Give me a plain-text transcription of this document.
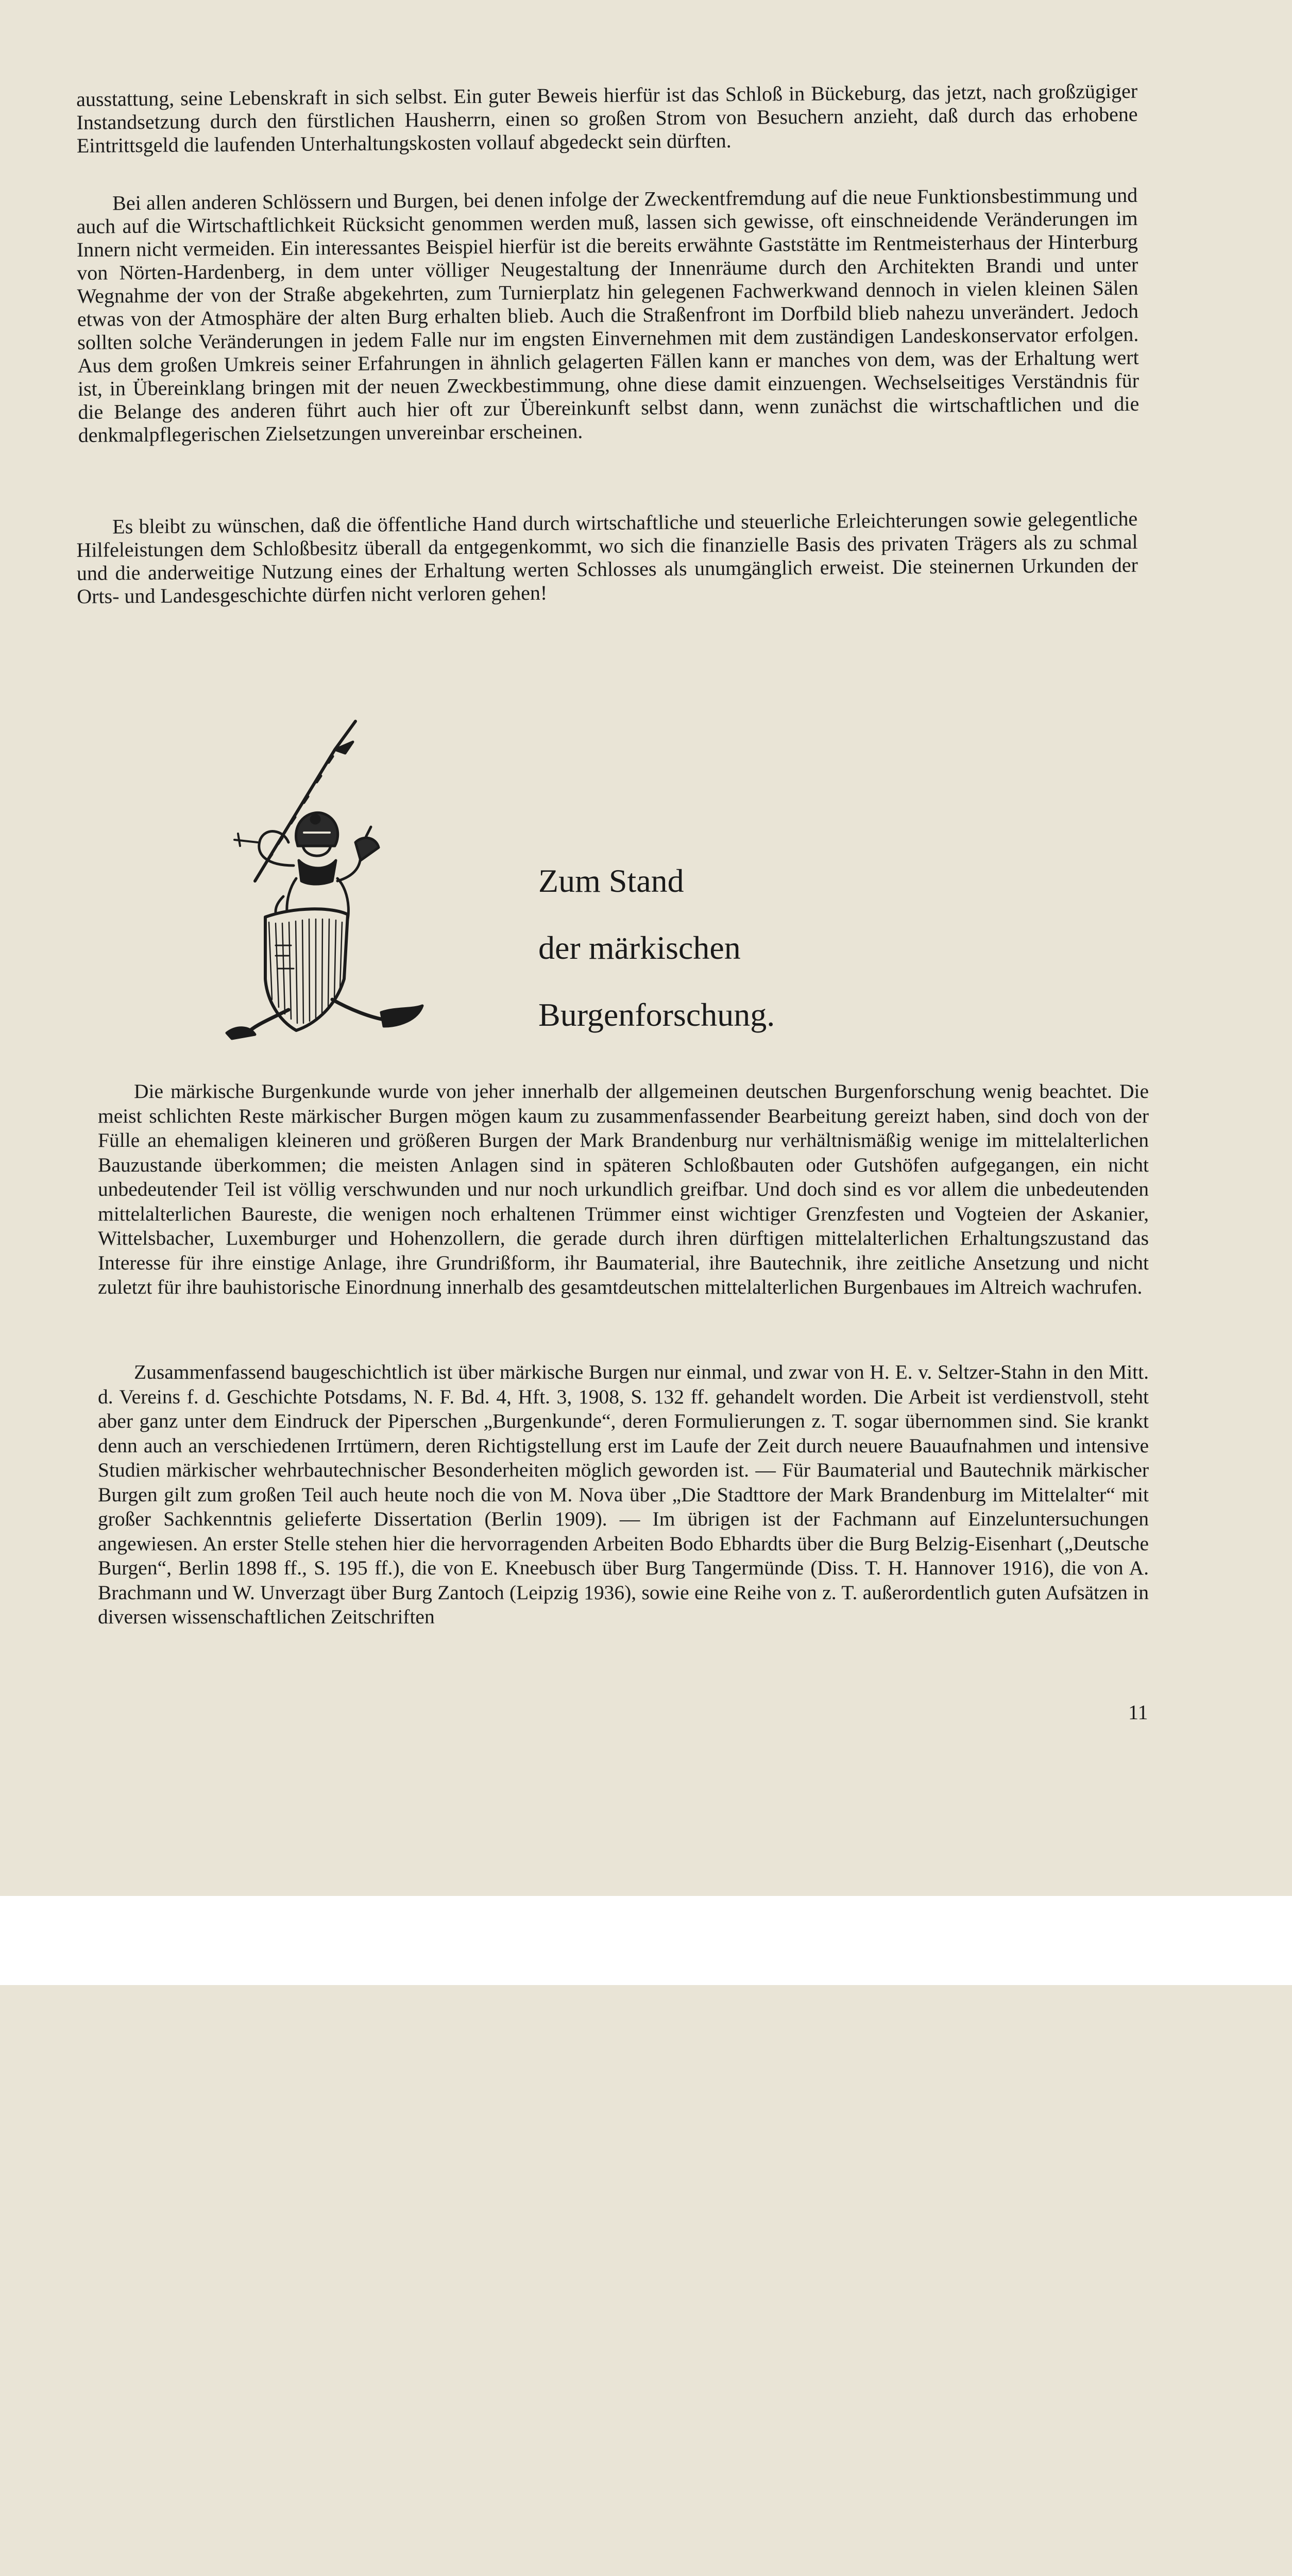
ausstattung, seine Lebenskraft in sich selbst. Ein guter Beweis hierfür ist das Schloß in Bückeburg, das jetzt, nach großzügiger Instandsetzung durch den fürstlichen Hausherrn, einen so großen Strom von Besuchern anzieht, daß durch das erhobene Eintrittsgeld die laufenden Unterhaltungskosten vollauf abgedeckt sein dürften.

Bei allen anderen Schlössern und Burgen, bei denen infolge der Zweckentfremdung auf die neue Funktionsbestimmung und auch auf die Wirtschaftlichkeit Rücksicht genommen werden muß, lassen sich gewisse, oft einschneidende Veränderungen im Innern nicht vermeiden. Ein interessantes Beispiel hierfür ist die bereits erwähnte Gaststätte im Rentmeisterhaus der Hinterburg von Nörten-Hardenberg, in dem unter völliger Neugestaltung der Innenräume durch den Architekten Brandi und unter Wegnahme der von der Straße abgekehrten, zum Turnierplatz hin gelegenen Fachwerkwand dennoch in vielen kleinen Sälen etwas von der Atmosphäre der alten Burg erhalten blieb. Auch die Straßenfront im Dorfbild blieb nahezu unverändert. Jedoch sollten solche Veränderungen in jedem Falle nur im engsten Einvernehmen mit dem zuständigen Landeskonservator erfolgen. Aus dem großen Umkreis seiner Erfahrungen in ähnlich gelagerten Fällen kann er manches von dem, was der Erhaltung wert ist, in Übereinklang bringen mit der neuen Zweckbestimmung, ohne diese damit einzuengen. Wechselseitiges Verständnis für die Belange des anderen führt auch hier oft zur Übereinkunft selbst dann, wenn zunächst die wirtschaftlichen und die denkmalpflegerischen Zielsetzungen unvereinbar erscheinen.

Es bleibt zu wünschen, daß die öffentliche Hand durch wirtschaftliche und steuerliche Erleichterungen sowie gelegentliche Hilfeleistungen dem Schloßbesitz überall da entgegenkommt, wo sich die finanzielle Basis des privaten Trägers als zu schmal und die anderweitige Nutzung eines der Erhaltung werten Schlosses als unumgänglich erweist. Die steinernen Urkunden der Orts- und Landesgeschichte dürfen nicht verloren gehen!

Zum Stand
der märkischen
Burgenforschung.

Die märkische Burgenkunde wurde von jeher innerhalb der allgemeinen deutschen Burgenforschung wenig beachtet. Die meist schlichten Reste märkischer Burgen mögen kaum zu zusammenfassender Bearbeitung gereizt haben, sind doch von der Fülle an ehemaligen kleineren und größeren Burgen der Mark Brandenburg nur verhältnismäßig wenige im mittelalterlichen Bauzustande überkommen; die meisten Anlagen sind in späteren Schloßbauten oder Gutshöfen aufgegangen, ein nicht unbedeutender Teil ist völlig verschwunden und nur noch urkundlich greifbar. Und doch sind es vor allem die unbedeutenden mittelalterlichen Baureste, die wenigen noch erhaltenen Trümmer einst wichtiger Grenzfesten und Vogteien der Askanier, Wittelsbacher, Luxemburger und Hohenzollern, die gerade durch ihren dürftigen mittelalterlichen Erhaltungszustand das Interesse für ihre einstige Anlage, ihre Grundrißform, ihr Baumaterial, ihre Bautechnik, ihre zeitliche Ansetzung und nicht zuletzt für ihre bauhistorische Einordnung innerhalb des gesamtdeutschen mittelalterlichen Burgenbaues im Altreich wachrufen.

Zusammenfassend baugeschichtlich ist über märkische Burgen nur einmal, und zwar von H. E. v. Seltzer-Stahn in den Mitt. d. Vereins f. d. Geschichte Potsdams, N. F. Bd. 4, Hft. 3, 1908, S. 132 ff. gehandelt worden. Die Arbeit ist verdienstvoll, steht aber ganz unter dem Eindruck der Piperschen „Burgenkunde“, deren Formulierungen z. T. sogar übernommen sind. Sie krankt denn auch an verschiedenen Irrtümern, deren Richtigstellung erst im Laufe der Zeit durch neuere Bauaufnahmen und intensive Studien märkischer wehrbautechnischer Besonderheiten möglich geworden ist. — Für Baumaterial und Bautechnik märkischer Burgen gilt zum großen Teil auch heute noch die von M. Nova über „Die Stadttore der Mark Brandenburg im Mittelalter“ mit großer Sachkenntnis gelieferte Dissertation (Berlin 1909). — Im übrigen ist der Fachmann auf Einzeluntersuchungen angewiesen. An erster Stelle stehen hier die hervorragenden Arbeiten Bodo Ebhardts über die Burg Belzig-Eisenhart („Deutsche Burgen“, Berlin 1898 ff., S. 195 ff.), die von E. Kneebusch über Burg Tangermünde (Diss. T. H. Hannover 1916), die von A. Brachmann und W. Unverzagt über Burg Zantoch (Leipzig 1936), sowie eine Reihe von z. T. außerordentlich guten Aufsätzen in diversen wissenschaftlichen Zeitschriften

11
